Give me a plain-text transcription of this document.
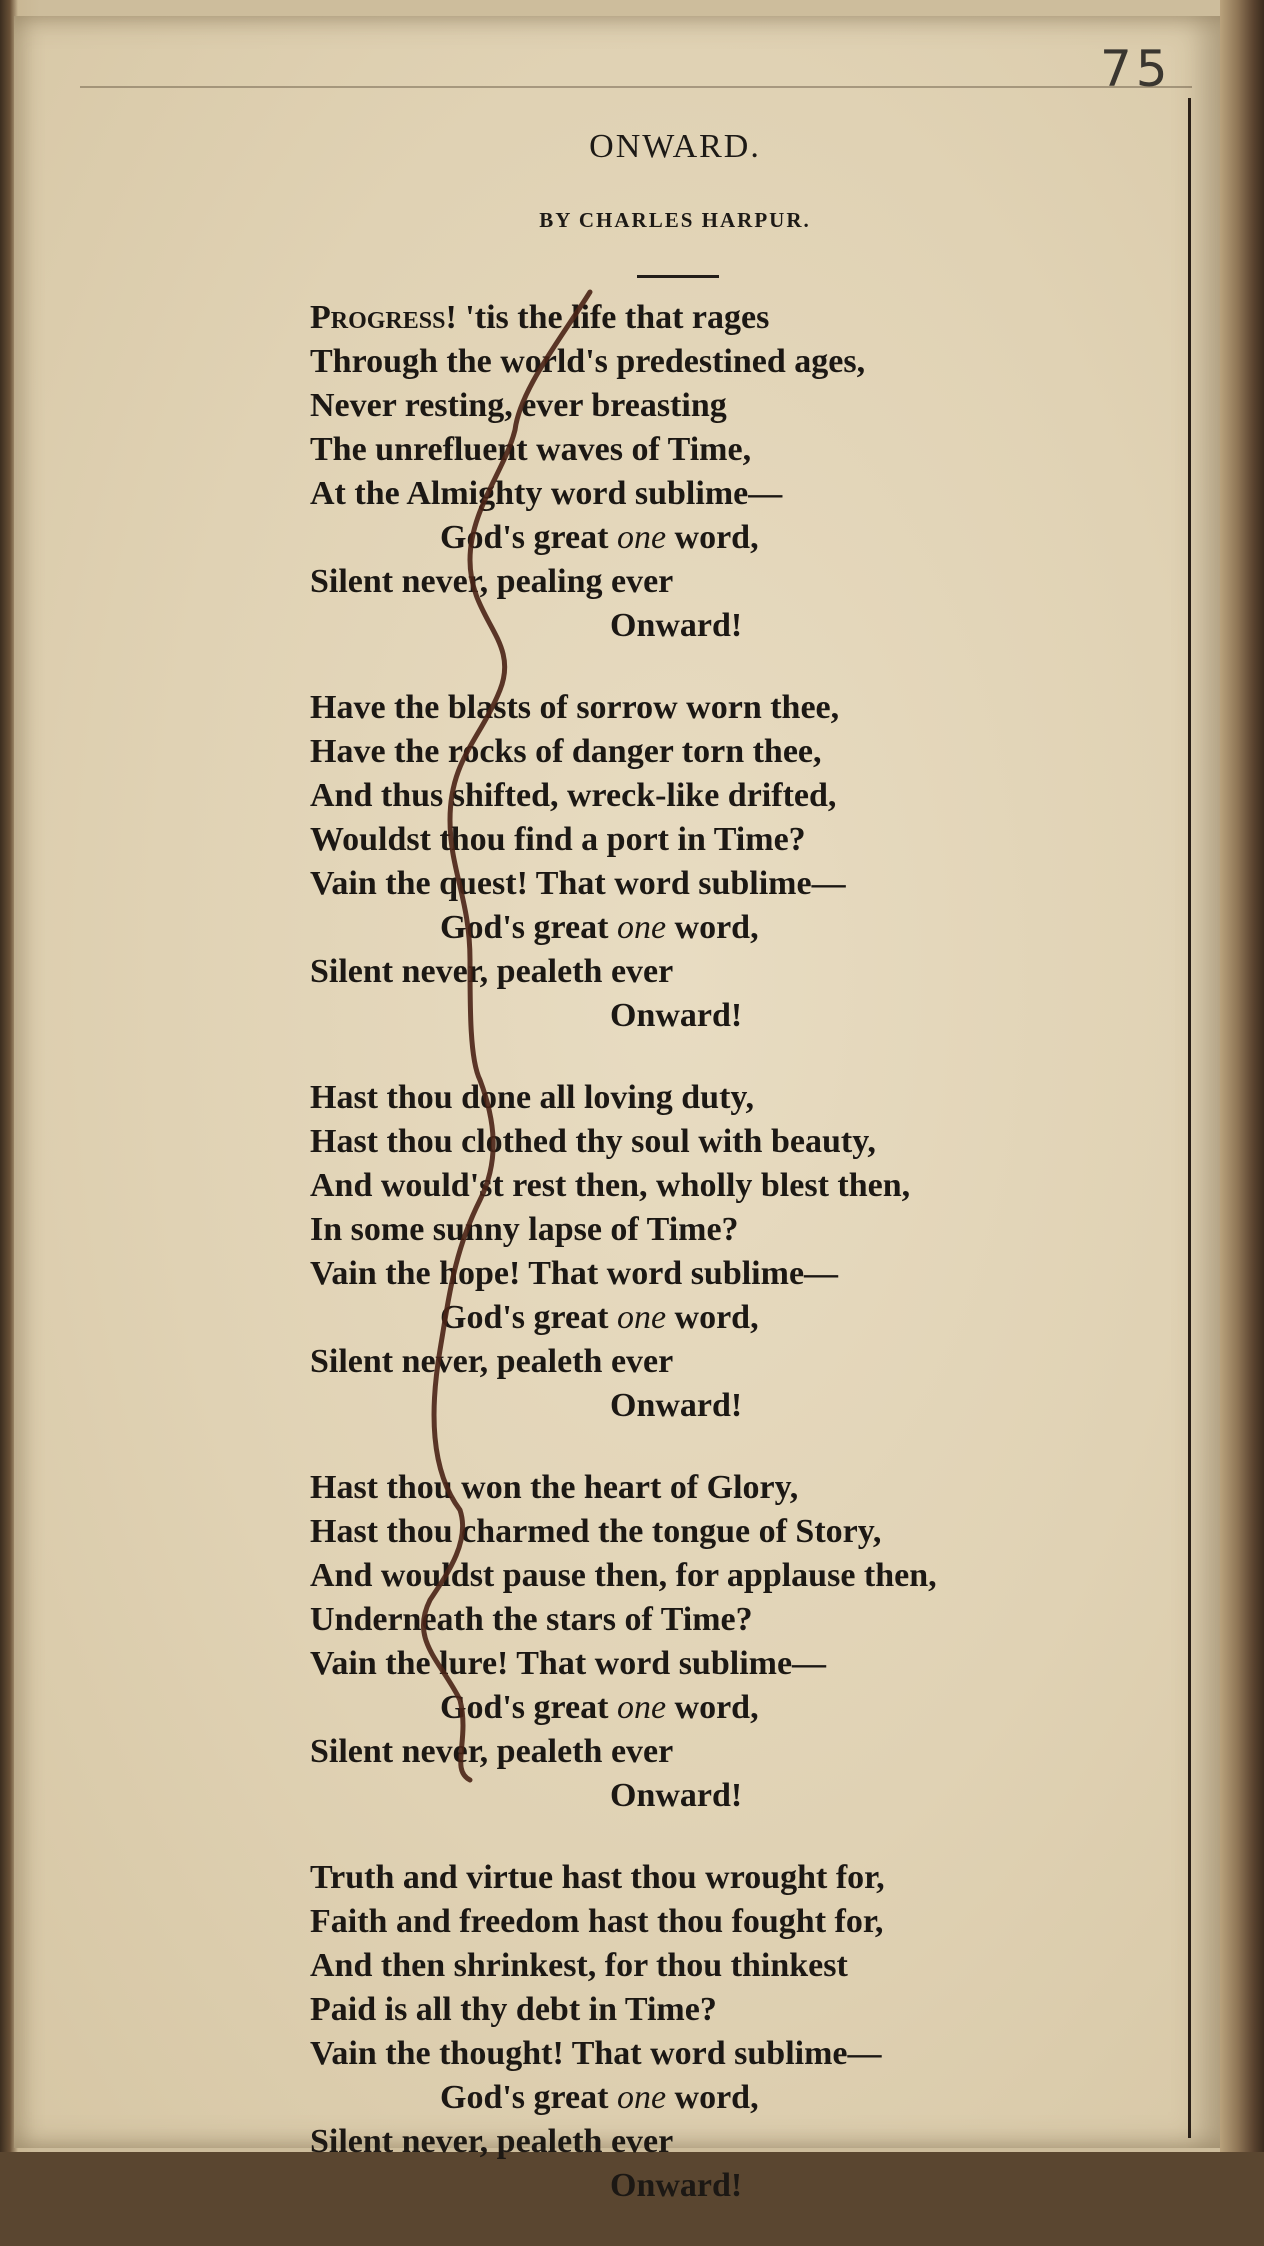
75
ONWARD.
BY CHARLES HARPUR.
Progress! 'tis the life that rages
Through the world's predestined ages,
Never resting, ever breasting
The unrefluent waves of Time,
At the Almighty word sublime—
God's great one word,
Silent never, pealing ever
Onward!
Have the blasts of sorrow worn thee,
Have the rocks of danger torn thee,
And thus shifted, wreck-like drifted,
Wouldst thou find a port in Time?
Vain the quest! That word sublime—
God's great one word,
Silent never, pealeth ever
Onward!
Hast thou done all loving duty,
Hast thou clothed thy soul with beauty,
And would'st rest then, wholly blest then,
In some sunny lapse of Time?
Vain the hope! That word sublime—
God's great one word,
Silent never, pealeth ever
Onward!
Hast thou won the heart of Glory,
Hast thou charmed the tongue of Story,
And wouldst pause then, for applause then,
Underneath the stars of Time?
Vain the lure! That word sublime—
God's great one word,
Silent never, pealeth ever
Onward!
Truth and virtue hast thou wrought for,
Faith and freedom hast thou fought for,
And then shrinkest, for thou thinkest
Paid is all thy debt in Time?
Vain the thought! That word sublime—
God's great one word,
Silent never, pealeth ever
Onward!
